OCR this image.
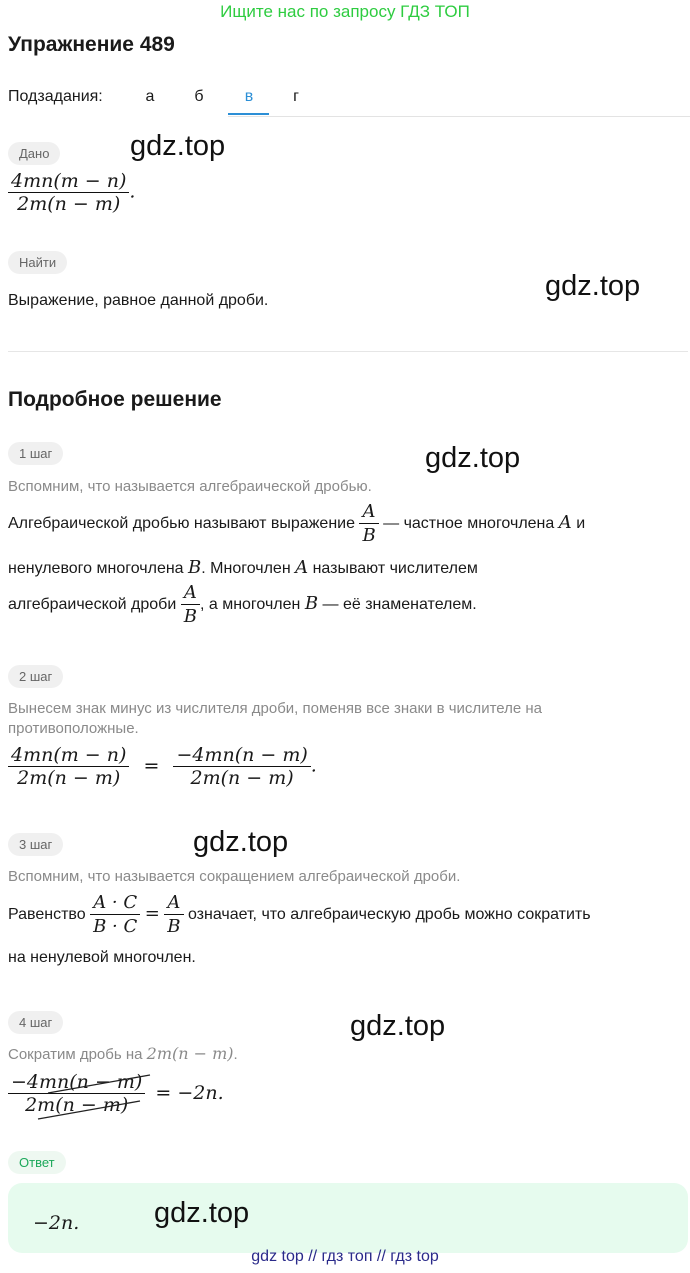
Ищите нас по запросу ГДЗ ТОП
Упражнение 489
Подзадания:	а	б	в	г
Дано	gdz.top
$\frac{4mn(m - n)}{2m(n - m)}$ .
Найти
gdz.top
Выражение, равное данной дроби.
Подробное решение
1 шаг	gdz.top
Вспомним, что называется алгебраической дробью.
Алгебраической дробью называют выражение $\frac{A}{B}$ — частное многочлена A и
ненулевого многочлена B. Многочлен A называют числителем
алгебраической дроби $\frac{A}{B}$ , а многочлен B — её знаменателем.
2 шаг
Вынесем знак минус из числителя дроби, поменяв все знаки в числителе на противоположные.
$\frac{4mn(m - n)}{2m(n - m)} = \frac{-4mn(n - m)}{2m(n - m)}$ .
3 шаг	gdz.top
Вспомним, что называется сокращением алгебраической дроби.
Равенство $\frac{A \cdot C}{B \cdot C} = \frac{A}{B}$ означает, что алгебраическую дробь можно сократить
на ненулевой многочлен.
4 шаг	gdz.top
Сократим дробь на 2m(n − m).
$\frac{-4mn(n - m)}{2m(n - m)} = -2n$.
Ответ
−2n.	gdz.top
gdz top // гдз топ // гдз top
